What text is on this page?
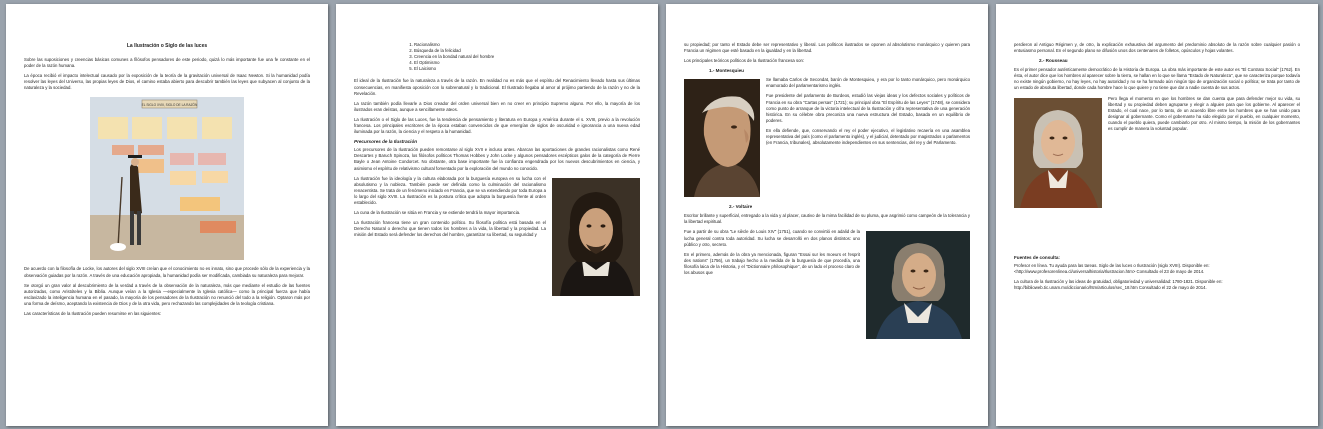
La Ilustración o Siglo de las luces

Sobre las suposiciones y creencias básicas comunes a filósofos pensadores de este periodo, quizá lo más importante fue una fe constante en el poder de la razón humana.

La época recibió el impacto intelectual causado por la exposición de la teoría de la gravitación universal de Isaac Newton. Si la humanidad podía resolver las leyes del Universo, las propias leyes de Dios, el camino estaba abierto para descubrir también las leyes que subyacen al conjunto de la naturaleza y la sociedad.

EL SIGLO XVIII, SIGLO DE LA RAZÓN

De acuerdo con la filosofía de Locke, los autores del siglo XVIII creían que el conocimiento no es innato, sino que procede sólo de la experiencia y la observación guiadas por la razón. A través de una educación apropiada, la humanidad podía ser modificada, cambiada su naturaleza para mejorar.

Se otorgó un gran valor al descubrimiento de la verdad a través de la observación de la naturaleza, más que mediante el estudio de las fuentes autorizadas, como Aristóteles y la Biblia. Aunque veían a la Iglesia —especialmente la Iglesia católica— como la principal fuerza que había esclavizado la inteligencia humana en el pasado, la mayoría de los pensadores de la Ilustración no renunció del todo a la religión. Optaron más por una forma de deísmo, aceptando la existencia de Dios y de la otra vida, pero rechazando las complejidades de la teología cristiana.

Las características de la Ilustración pueden resumirse en las siguientes:

1. Racionalismo
2. Búsqueda de la felicidad
3. Creencia en la bondad natural del hombre
4. El Optimismo
5. El Laicismo

El ideal de la Ilustración fue la naturaleza a través de la razón. En realidad no es más que el espíritu del Renacimiento llevado hasta sus últimas consecuencias, en manifiesta oposición con lo sobrenatural y lo tradicional. El Ilustrado llegaba al amor al prójimo partiendo de la razón y no de la Revelación.

La razón también podía llevarle a Dios creador del orden universal bien en no creer en principio Supremo alguno. Por ello, la mayoría de los ilustrados eran deístas, aunque a sencillamente ateos.

La Ilustración o el Siglo de las Luces, fue la tendencia de pensamiento y literatura en Europa y América durante el s. XVIII, previo a la revolución francesa. Los principales escritores de la época estaban convencidos de que emergían de siglos de oscuridad e ignorancia a una nueva edad iluminada por la razón, la ciencia y el respeto a la humanidad.

Precursores de la Ilustración

Los precursores de la Ilustración pueden remontarse al siglo XVII e incluso antes. Abarcan las aportaciones de grandes racionalistas como René Descartes y Baruch Spinoza, los filósofos políticos Thomas Hobbes y John Locke y algunos pensadores escépticos galos de la categoría de Pierre Bayle o Jean Antoine Condorcet. No obstante, otra base importante fue la confianza engendrada por los nuevos descubrimientos en ciencia, y asimismo el espíritu de relativismo cultural fomentado por la exploración del mundo no conocido.

La Ilustración fue la ideología y la cultura elaborada por la burguesía europea en su lucha con el absolutismo y la nobleza. También puede ser definida como la culminación del racionalismo renacentista. Se trata de un fenómeno iniciado en Francia, que se va extendiendo por toda Europa a lo largo del siglo XVIII. La Ilustración es la postura crítica que adopta la burguesía frente al orden establecido.

La cuna de la Ilustración se sitúa en Francia y se extiende tendrá la mayor importancia.

La Ilustración francesa tiene un gran contenido político. Su filosofía política está basada en el Derecho Natural o derecho que tienen todos los hombres a la vida, la libertad y la propiedad. La misión del Estado será defender los derechos del hombre, garantizar su libertad, su seguridad y

su propiedad; por tanto el Estado debe ser representativo y liberal. Los políticos ilustrados se oponen al absolutismo monárquico y quieren para Francia un régimen que esté basado en la igualdad y en la libertad.

Los principales teóricos políticos de la Ilustración francesa son:

1.- Montesquieu

Se llamaba Carlos de Secondat, barón de Montesquieu, y era por lo tanto monárquico, pero monárquico enamorado del parlamentarismo inglés.

Fue presidente del parlamento de Burdeos, estudió las viejas ideas y los defectos sociales y políticos de Francia en su obra "Cartas persas" (1721); su principal obra "El Espíritu de las Leyes" (1748), se considera como punto de arranque de la victoria intelectual de la Ilustración y cifra representativa de una generación histórica. En su célebre obra preconiza una nueva estructura del Estado, basada en un equilibrio de poderes.

En ella defiende, que, conservando el rey el poder ejecutivo, el legislativo recaería en una asamblea representativa del país (como el parlamento inglés), y el judicial, detentado por magistrados o parlamentos (en Francia, tribunales), absolutamente independientes en sus sentencias, del rey y del Parlamento.

2.- Voltaire

Escritor brillante y superficial, entregado a la vida y al placer, cautivo de la mima facilidad de su pluma, que asgrimió como campeón de la tolerancia y la libertad espiritual.

Fue a partir de su obra "Le siècle de Louis XIV" (1751), cuando se convirtió en adalid de la lucha general contra toda autoridad. Su lucha se desarrolló en dos planos distintos: uno público y otro, secreto.

En el primero, además de la obra ya mencionada, figuran "Essai sur les moeurs et l'esprit des nations" (1756), un trabajo hecho a la medida de la burguesía de que procedía, una filosofía laica de la Historia, y el "Dictionnaire philosophique", de un lado el proceso claro de los abusos que

perdieron al Antiguo Régimen y, de otro, la explicación exhaustiva del argumento del predominio absoluto de la razón sobre cualquier pasión o entusiasmo personal. En el segundo plano se difusión unos dos centenares de folletos, opúsculos y hojas volantes.

2.- Rousseau

Es el primer pensador auténticamente democrático de la Historia de Europa. La obra más importante de este autor es "El Contrato Social" (1762). En ésta, el autor dice que los hombres al aparecer sobre la tierra, se hallan en lo que se llama "Estado de Naturaleza", que se caracteriza porque todavía no existe ningún gobierno, no hay leyes, no hay autoridad y no se ha formado aún ningún tipo de organización social o política; se trata por tanto de un estado de absoluta libertad, donde cada hombre hace lo que quiere y no tiene que dar a nadie cuenta de sus actos.

Pero llega el momento en que los hombres se dan cuenta que para defender mejor su vida, su libertad y su propiedad deben agruparse y elegir a alguien para que los gobierne. Al aparecer el Estado, el cual nace, por lo tanto, de un acuerdo libre entre los hombres que se han unido para designar al gobernante. Como el gobernante ha sido elegido por el pueblo, en cualquier momento, cuando el pueblo quiera, puede cambiarlo por otro. Al mismo tiempo, la misión de los gobernantes es cumplir de manera la voluntad popular.

Fuentes de consulta:

Profesor en línea. Tu ayuda para las tareas. Siglo de las luces o Ilustración (siglo XVIII). Disponible en: <http://www.profesorenlinea.cl/universalhistoria/Ilustracion.htm> Consultado el 23 de mayo de 2014.

La cultura de la Ilustración y las ideas de gratuidad, obligatoriedad y universalidad: 1780-1821. Disponible en: http://biblioweb.tic.unam.mx/diccionario/htm/articulos/sec_18.htm Consultado el 22 de mayo de 2014.
